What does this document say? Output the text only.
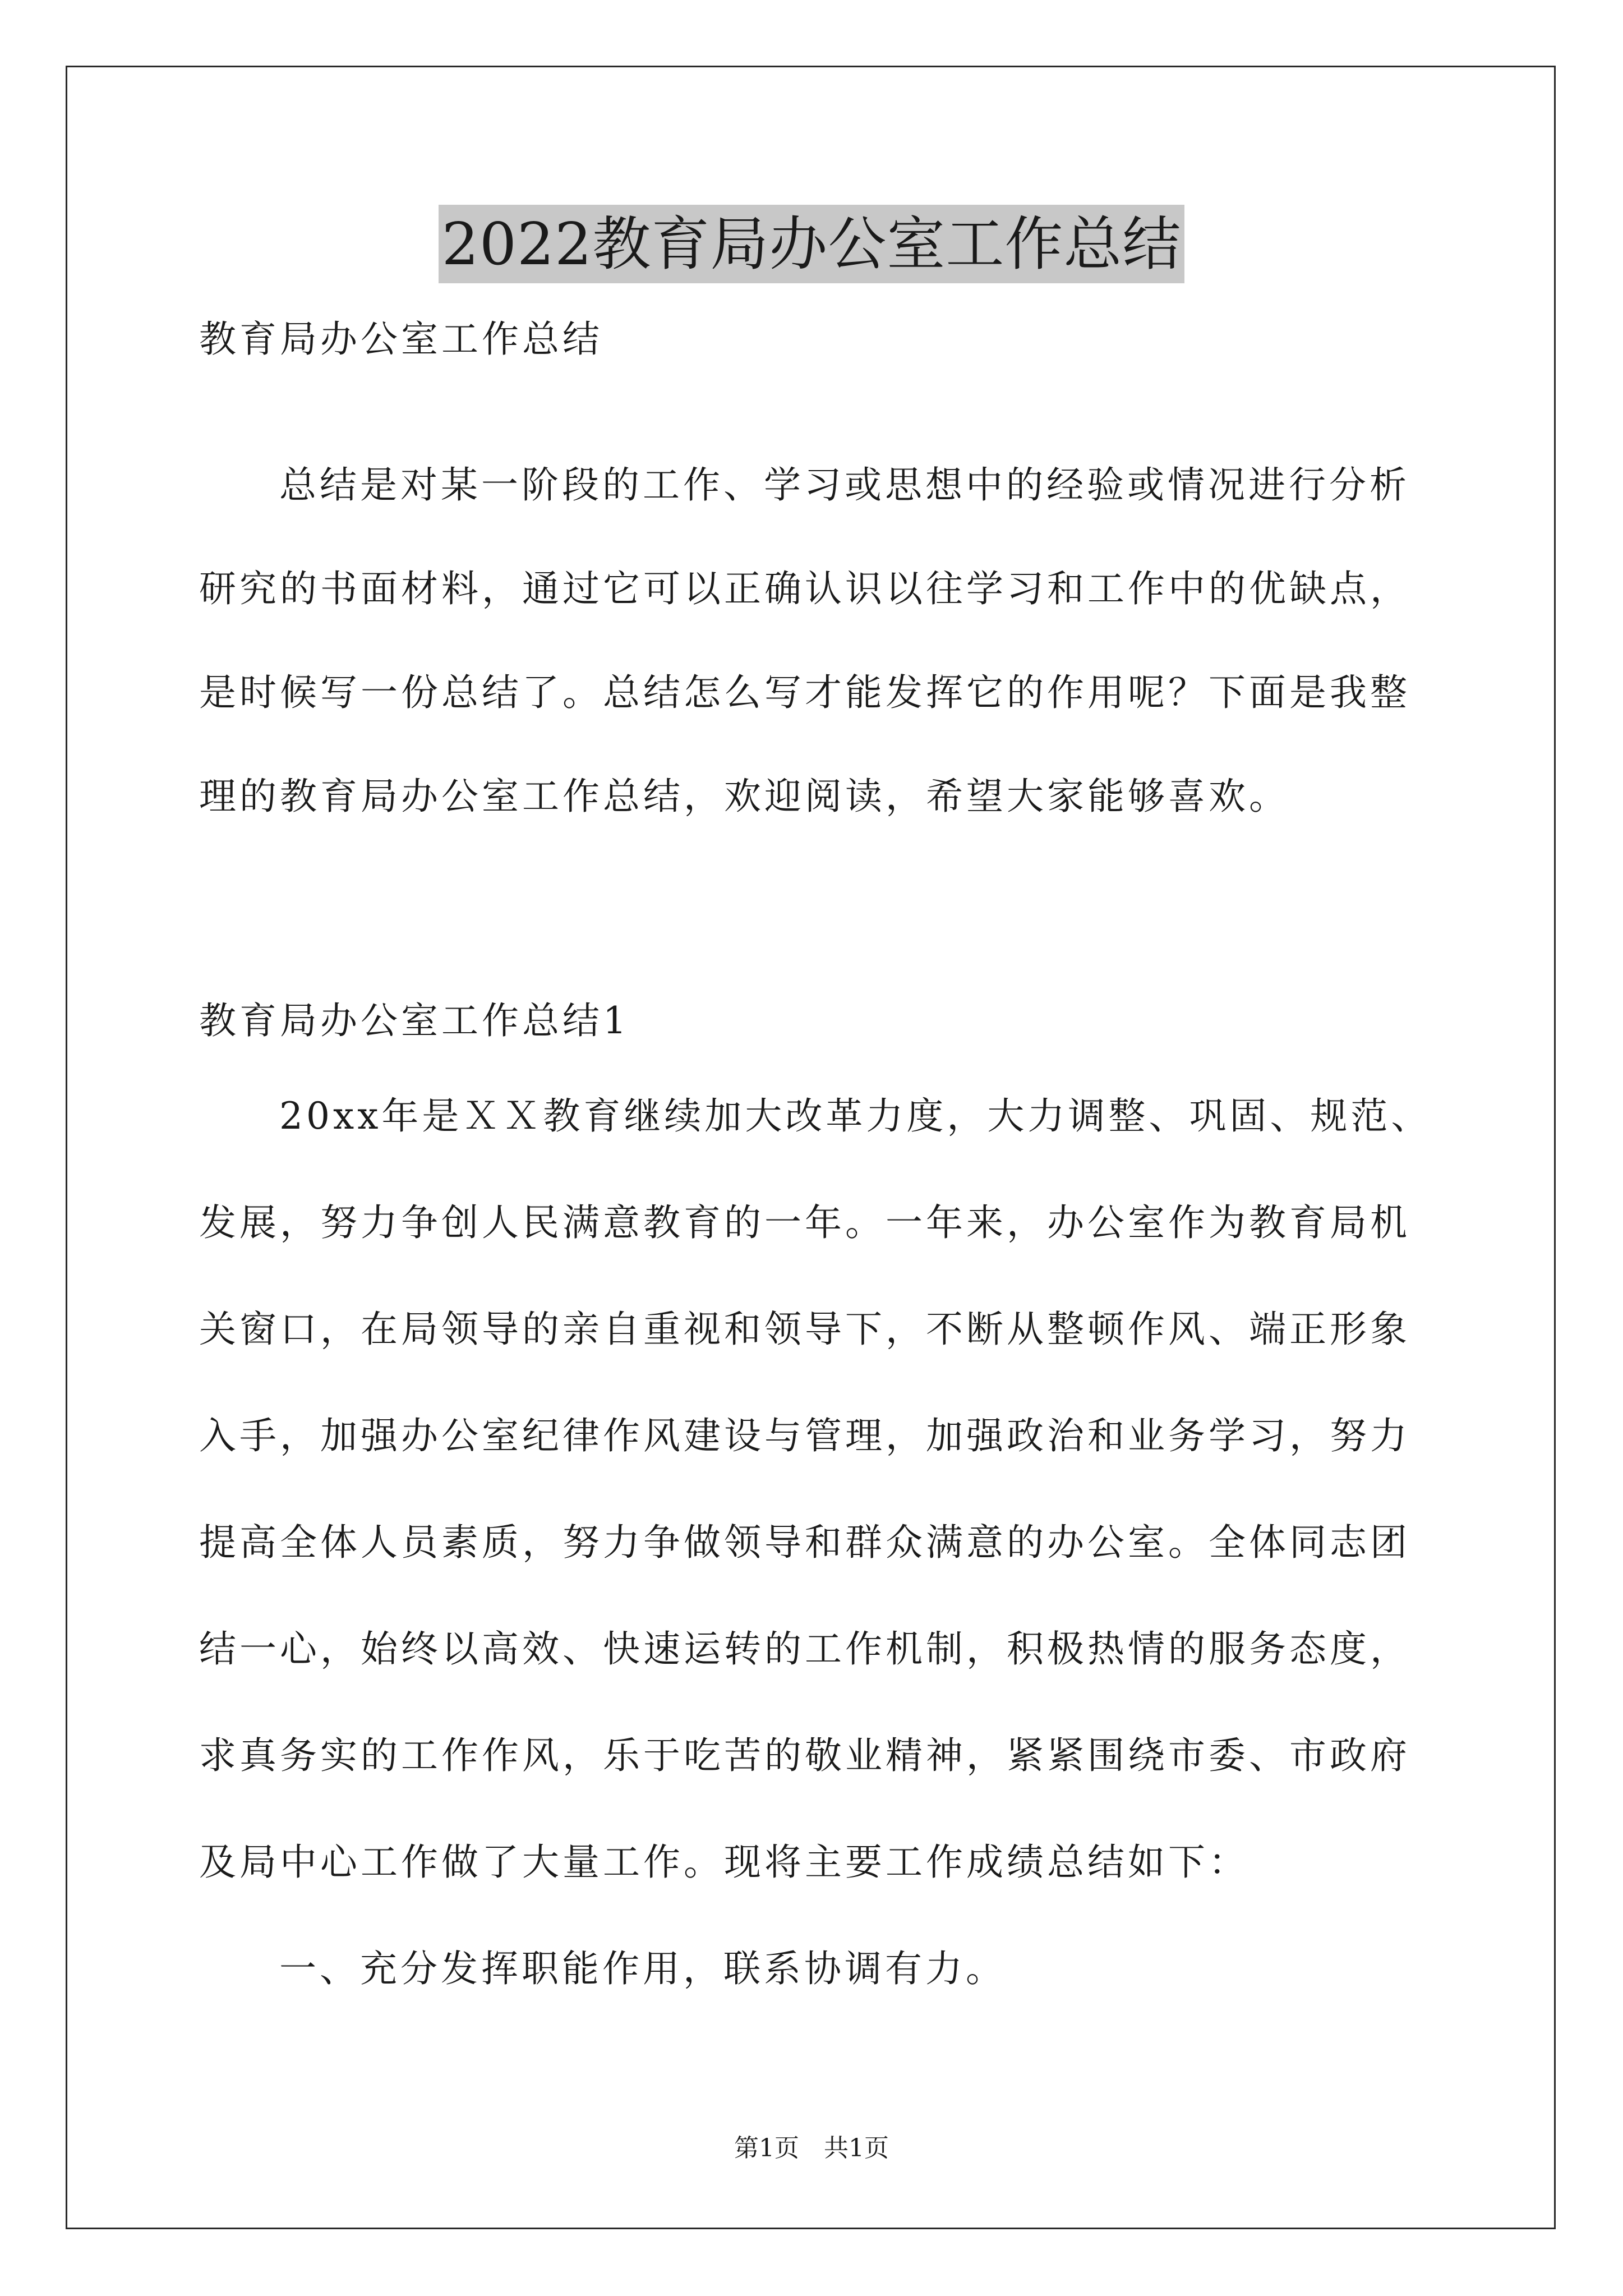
2022教育局办公室工作总结
教育局办公室工作总结
总结是对某一阶段的工作、学习或思想中的经验或情况进行分析
研究的书面材料，通过它可以正确认识以往学习和工作中的优缺点，
是时候写一份总结了。总结怎么写才能发挥它的作用呢？下面是我整
理的教育局办公室工作总结，欢迎阅读，希望大家能够喜欢。
教育局办公室工作总结1
20xx年是ＸＸ教育继续加大改革力度，大力调整、巩固、规范、
发展，努力争创人民满意教育的一年。一年来，办公室作为教育局机
关窗口，在局领导的亲自重视和领导下，不断从整顿作风、端正形象
入手，加强办公室纪律作风建设与管理，加强政治和业务学习，努力
提高全体人员素质，努力争做领导和群众满意的办公室。全体同志团
结一心，始终以高效、快速运转的工作机制，积极热情的服务态度，
求真务实的工作作风，乐于吃苦的敬业精神，紧紧围绕市委、市政府
及局中心工作做了大量工作。现将主要工作成绩总结如下：
一、充分发挥职能作用，联系协调有力。
第1页　共1页
